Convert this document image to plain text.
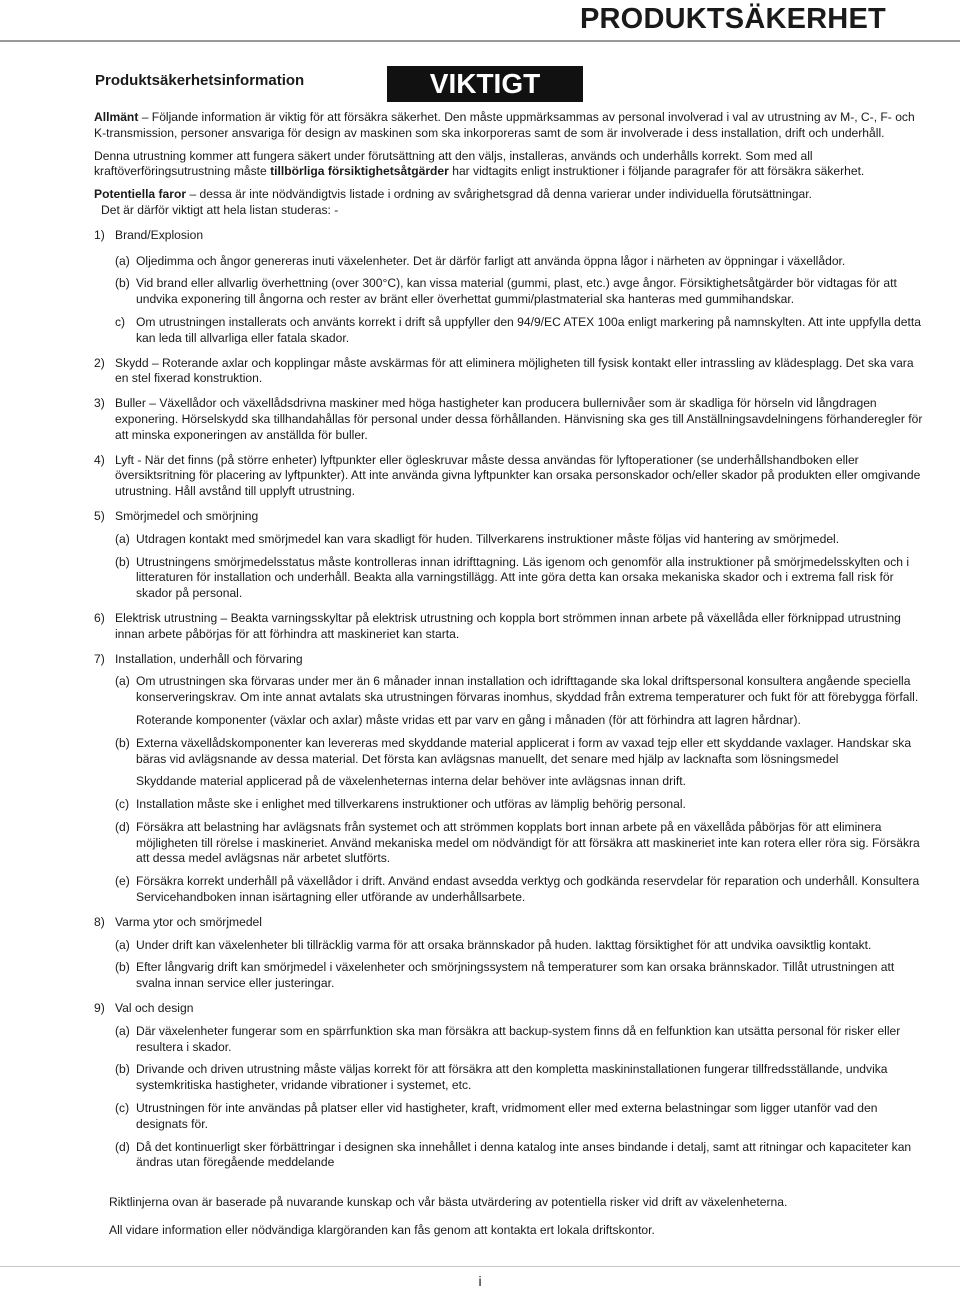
PRODUKTSÄKERHET
Produktsäkerhetsinformation	VIKTIGT

Allmänt – Följande information är viktig för att försäkra säkerhet. Den måste uppmärksammas av personal involverad i val av utrustning av M-, C-, F- och K-transmission, personer ansvariga för design av maskinen som ska inkorporeras samt de som är involverade i dess installation, drift och underhåll.

Denna utrustning kommer att fungera säkert under förutsättning att den väljs, installeras, används och underhålls korrekt. Som med all kraftöverföringsutrustning måste tillbörliga försiktighetsåtgärder har vidtagits enligt instruktioner i följande paragrafer för att försäkra säkerhet.

Potentiella faror – dessa är inte nödvändigtvis listade i ordning av svårighetsgrad då denna varierar under individuella förutsättningar.

Det är därför viktigt att hela listan studeras: -

1) Brand/Explosion
(a) Oljedimma och ångor genereras inuti växelenheter. Det är därför farligt att använda öppna lågor i närheten av öppningar i växellådor.
(b) Vid brand eller allvarlig överhettning (over 300°C), kan vissa material (gummi, plast, etc.) avge ångor. Försiktighetsåtgärder bör vidtagas för att undvika exponering till ångorna och rester av bränt eller överhettat gummi/plastmaterial ska hanteras med gummihandskar.
c) Om utrustningen installerats och använts korrekt i drift så uppfyller den 94/9/EC ATEX 100a enligt markering på namnskylten. Att inte uppfylla detta kan leda till allvarliga eller fatala skador.
2) Skydd – Roterande axlar och kopplingar måste avskärmas för att eliminera möjligheten till fysisk kontakt eller intrassling av klädesplagg. Det ska vara en stel fixerad konstruktion.
3) Buller – Växellådor och växellådsdrivna maskiner med höga hastigheter kan producera bullernivåer som är skadliga för hörseln vid långdragen exponering. Hörselskydd ska tillhandahållas för personal under dessa förhållanden. Hänvisning ska ges till Anställningsavdelningens förhanderegler för att minska exponeringen av anställda för buller.
4) Lyft - När det finns (på större enheter) lyftpunkter eller ögleskruvar måste dessa användas för lyftoperationer (se underhållshandboken eller översiktsritning för placering av lyftpunkter). Att inte använda givna lyftpunkter kan orsaka personskador och/eller skador på produkten eller omgivande utrustning. Håll avstånd till upplyft utrustning.
5) Smörjmedel och smörjning
(a) Utdragen kontakt med smörjmedel kan vara skadligt för huden. Tillverkarens instruktioner måste följas vid hantering av smörjmedel.
(b) Utrustningens smörjmedelsstatus måste kontrolleras innan idrifttagning. Läs igenom och genomför alla instruktioner på smörjmedelsskylten och i litteraturen för installation och underhåll. Beakta alla varningstillägg. Att inte göra detta kan orsaka mekaniska skador och i extrema fall risk för skador på personal.
6) Elektrisk utrustning – Beakta varningsskyltar på elektrisk utrustning och koppla bort strömmen innan arbete på växellåda eller förknippad utrustning innan arbete påbörjas för att förhindra att maskineriet kan starta.
7) Installation, underhåll och förvaring
(a) Om utrustningen ska förvaras under mer än 6 månader innan installation och idrifttagande ska lokal driftspersonal konsultera angående speciella konserveringskrav. Om inte annat avtalats ska utrustningen förvaras inomhus, skyddad från extrema temperaturer och fukt för att förebygga förfall.

Roterande komponenter (växlar och axlar) måste vridas ett par varv en gång i månaden (för att förhindra att lagren hårdnar).

(b) Externa växellådskomponenter kan levereras med skyddande material applicerat i form av vaxad tejp eller ett skyddande vaxlager. Handskar ska bäras vid avlägsnande av dessa material. Det första kan avlägsnas manuellt, det senare med hjälp av lacknafta som lösningsmedel

Skyddande material applicerad på de växelenheternas interna delar behöver inte avlägsnas innan drift.

(c) Installation måste ske i enlighet med tillverkarens instruktioner och utföras av lämplig behörig personal.
(d) Försäkra att belastning har avlägsnats från systemet och att strömmen kopplats bort innan arbete på en växellåda påbörjas för att eliminera möjligheten till rörelse i maskineriet. Använd mekaniska medel om nödvändigt för att försäkra att maskineriet inte kan rotera eller röra sig. Försäkra att dessa medel avlägsnas när arbetet slutförts.
(e) Försäkra korrekt underhåll på växellådor i drift. Använd endast avsedda verktyg och godkända reservdelar för reparation och underhåll. Konsultera Servicehandboken innan isärtagning eller utförande av underhållsarbete.
8) Varma ytor och smörjmedel
(a) Under drift kan växelenheter bli tillräcklig varma för att orsaka brännskador på huden. Iakttag försiktighet för att undvika oavsiktlig kontakt.
(b) Efter långvarig drift kan smörjmedel i växelenheter och smörjningssystem nå temperaturer som kan orsaka brännskador. Tillåt utrustningen att svalna innan service eller justeringar.
9) Val och design
(a) Där växelenheter fungerar som en spärrfunktion ska man försäkra att backup-system finns då en felfunktion kan utsätta personal för risker eller resultera i skador.
(b) Drivande och driven utrustning måste väljas korrekt för att försäkra att den kompletta maskininstallationen fungerar tillfredsställande, undvika systemkritiska hastigheter, vridande vibrationer i systemet, etc.
(c) Utrustningen för inte användas på platser eller vid hastigheter, kraft, vridmoment eller med externa belastningar som ligger utanför vad den designats för.
(d) Då det kontinuerligt sker förbättringar i designen ska innehållet i denna katalog inte anses bindande i detalj, samt att ritningar och kapaciteter kan ändras utan föregående meddelande

Riktlinjerna ovan är baserade på nuvarande kunskap och vår bästa utvärdering av potentiella risker vid drift av växelenheterna.

All vidare information eller nödvändiga klargöranden kan fås genom att kontakta ert lokala driftskontor.

i
